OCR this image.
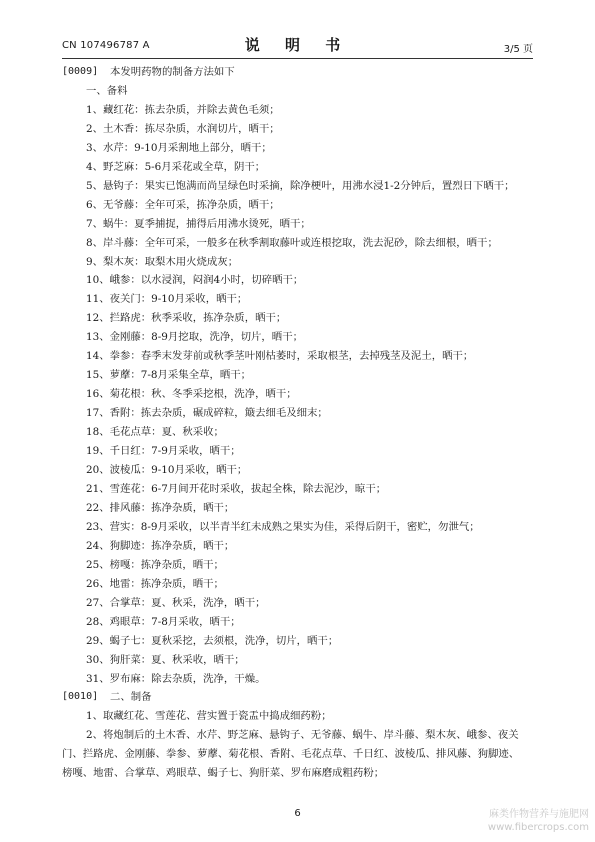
CN 107496787 A	说 明 书	3/5 页
[0009]	本发明药物的制备方法如下
一、备料
1、藏红花：拣去杂质，并除去黄色毛须；
2、土木香：拣尽杂质，水润切片，晒干；
3、水芹：9-10月采割地上部分，晒干；
4、野芝麻：5-6月采花或全草，阴干；
5、悬钩子：果实已饱满而尚呈绿色时采摘，除净梗叶，用沸水浸1-2分钟后，置烈日下晒干；
6、无爷藤：全年可采，拣净杂质，晒干；
7、蜗牛：夏季捕捉，捕得后用沸水烫死，晒干；
8、岸斗藤：全年可采，一般多在秋季割取藤叶或连根挖取，洗去泥砂，除去细根，晒干；
9、梨木灰：取梨木用火烧成灰；
10、峨参：以水浸润，闷润4小时，切碎晒干；
11、夜关门：9-10月采收，晒干；
12、拦路虎：秋季采收，拣净杂质，晒干；
13、金刚藤：8-9月挖取，洗净，切片，晒干；
14、拳参：春季末发芽前或秋季茎叶刚枯萎时，采取根茎，去掉残茎及泥土，晒干；
15、萝藦：7-8月采集全草，晒干；
16、菊花根：秋、冬季采挖根，洗净，晒干；
17、香附：拣去杂质，碾成碎粒，簸去细毛及细末；
18、毛花点草：夏、秋采收；
19、千日红：7-9月采收，晒干；
20、波棱瓜：9-10月采收，晒干；
21、雪莲花：6-7月间开花时采收，拔起全株，除去泥沙，晾干；
22、排风藤：拣净杂质，晒干；
23、营实：8-9月采收，以半青半红未成熟之果实为佳，采得后阴干，密贮，勿泄气；
24、狗脚迹：拣净杂质，晒干；
25、榜嘎：拣净杂质，晒干；
26、地雷：拣净杂质，晒干；
27、合掌草：夏、秋采，洗净，晒干；
28、鸡眼草：7-8月采收，晒干；
29、蝎子七：夏秋采挖，去须根，洗净，切片，晒干；
30、狗肝菜：夏、秋采收，晒干；
31、罗布麻：除去杂质，洗净，干燥。
[0010]	二、制备
1、取藏红花、雪莲花、营实置于瓷盂中捣成细药粉；
2、将炮制后的土木香、水芹、野芝麻、悬钩子、无爷藤、蜗牛、岸斗藤、梨木灰、峨参、夜关
门、拦路虎、金刚藤、拳参、萝藦、菊花根、香附、毛花点草、千日红、波棱瓜、排风藤、狗脚迹、
榜嘎、地雷、合掌草、鸡眼草、蝎子七、狗肝菜、罗布麻磨成粗药粉；
6	麻类作物营养与施肥网
www.fibercrops.com
